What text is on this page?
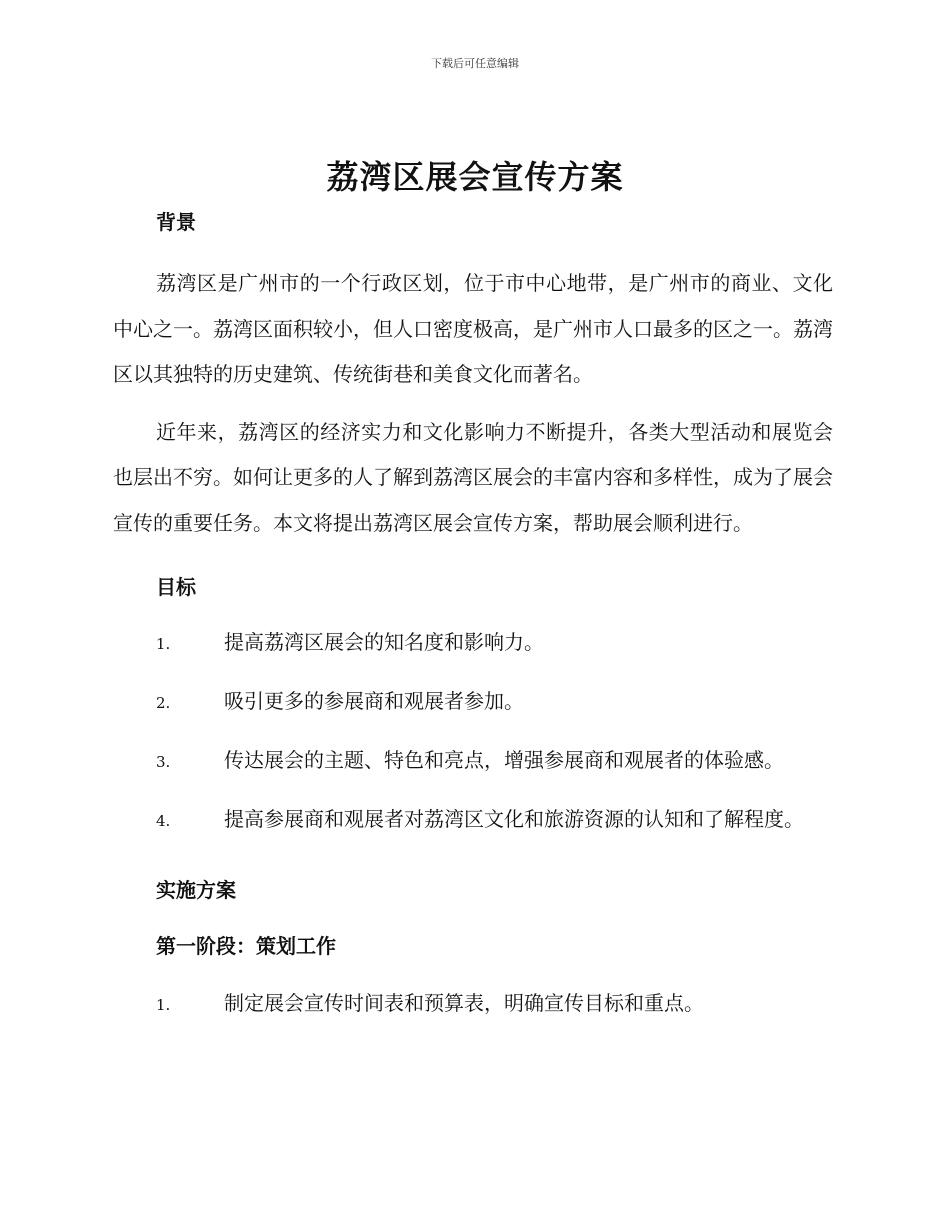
下载后可任意编辑
荔湾区展会宣传方案
背景

荔湾区是广州市的一个行政区划，位于市中心地带，是广州市的商业、文化中心之一。荔湾区面积较小，但人口密度极高，是广州市人口最多的区之一。荔湾区以其独特的历史建筑、传统街巷和美食文化而著名。

近年来，荔湾区的经济实力和文化影响力不断提升，各类大型活动和展览会也层出不穷。如何让更多的人了解到荔湾区展会的丰富内容和多样性，成为了展会宣传的重要任务。本文将提出荔湾区展会宣传方案，帮助展会顺利进行。

目标

1.	提高荔湾区展会的知名度和影响力。

2.	吸引更多的参展商和观展者参加。

3.	传达展会的主题、特色和亮点，增强参展商和观展者的体验感。

4.	提高参展商和观展者对荔湾区文化和旅游资源的认知和了解程度。

实施方案
第一阶段：策划工作

1.	制定展会宣传时间表和预算表，明确宣传目标和重点。
